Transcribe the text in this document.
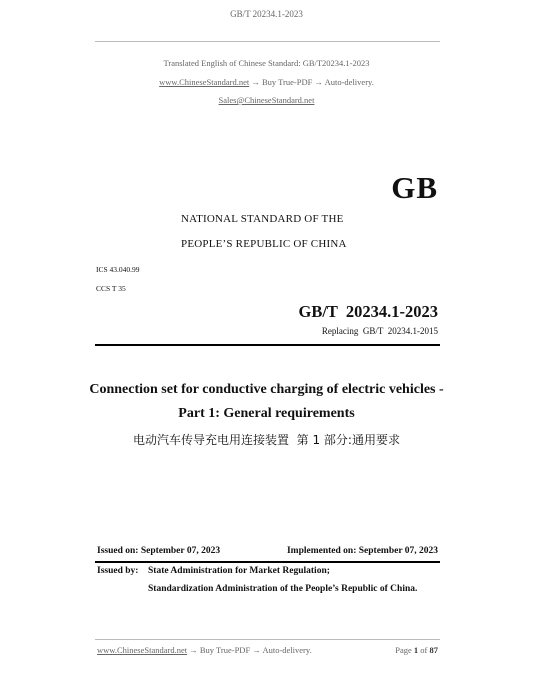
GB/T 20234.1-2023
Translated English of Chinese Standard: GB/T20234.1-2023
www.ChineseStandard.net → Buy True-PDF → Auto-delivery.
Sales@ChineseStandard.net
GB
NATIONAL STANDARD OF THE
PEOPLE’S REPUBLIC OF CHINA
ICS 43.040.99
CCS T 35
GB/T  20234.1-2023
Replacing  GB/T  20234.1-2015
Connection set for conductive charging of electric vehicles -
Part 1: General requirements
电动汽车传导充电用连接装置  第 1 部分:通用要求
Issued on: September 07, 2023	Implemented on: September 07, 2023
Issued by: State Administration for Market Regulation;
Standardization Administration of the People’s Republic of China.
www.ChineseStandard.net → Buy True-PDF → Auto-delivery.	Page 1 of 87
